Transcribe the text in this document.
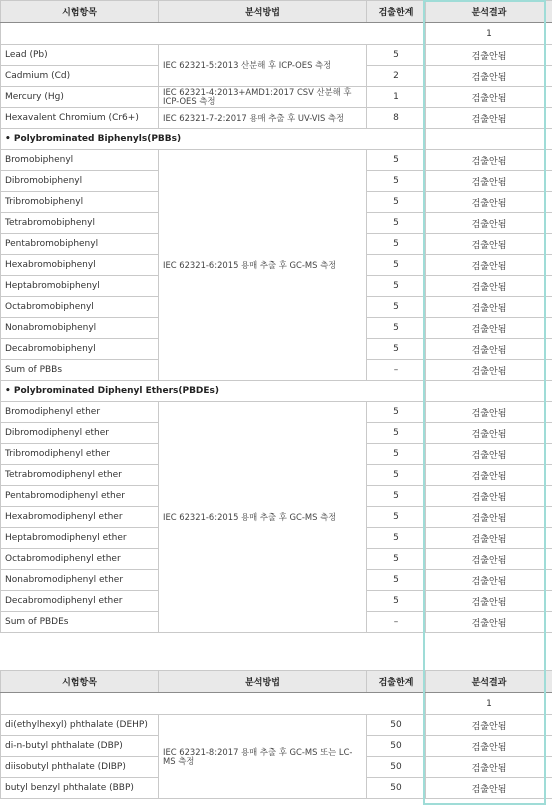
시험항목	분석방법	검출한계	분석결과
			1
Lead (Pb)	IEC 62321-5:2013 산분해 후 ICP-OES 측정	5	검출안됨
Cadmium (Cd)		2	검출안됨
Mercury (Hg)	IEC 62321-4:2013+AMD1:2017 CSV 산분해 후 ICP-OES 측정	1	검출안됨
Hexavalent Chromium (Cr6+)	IEC 62321-7-2:2017 용매 추출 후 UV-VIS 측정	8	검출안됨
• Polybrominated Biphenyls(PBBs)			
Bromobiphenyl	IEC 62321-6:2015 용매 추출 후 GC-MS 측정	5	검출안됨
Dibromobiphenyl		5	검출안됨
Tribromobiphenyl		5	검출안됨
Tetrabromobiphenyl		5	검출안됨
Pentabromobiphenyl		5	검출안됨
Hexabromobiphenyl		5	검출안됨
Heptabromobiphenyl		5	검출안됨
Octabromobiphenyl		5	검출안됨
Nonabromobiphenyl		5	검출안됨
Decabromobiphenyl		5	검출안됨
Sum of PBBs		–	검출안됨
• Polybrominated Diphenyl Ethers(PBDEs)			
Bromodiphenyl ether	IEC 62321-6:2015 용매 추출 후 GC-MS 측정	5	검출안됨
Dibromodiphenyl ether		5	검출안됨
Tribromodiphenyl ether		5	검출안됨
Tetrabromodiphenyl ether		5	검출안됨
Pentabromodiphenyl ether		5	검출안됨
Hexabromodiphenyl ether		5	검출안됨
Heptabromodiphenyl ether		5	검출안됨
Octabromodiphenyl ether		5	검출안됨
Nonabromodiphenyl ether		5	검출안됨
Decabromodiphenyl ether		5	검출안됨
Sum of PBDEs		–	검출안됨
시험항목	분석방법	검출한계	분석결과
			1
di(ethylhexyl) phthalate (DEHP)	IEC 62321-8:2017 용매 추출 후 GC-MS 또는 LC-MS 측정	50	검출안됨
di-n-butyl phthalate (DBP)		50	검출안됨
diisobutyl phthalate (DIBP)		50	검출안됨
butyl benzyl phthalate (BBP)		50	검출안됨
